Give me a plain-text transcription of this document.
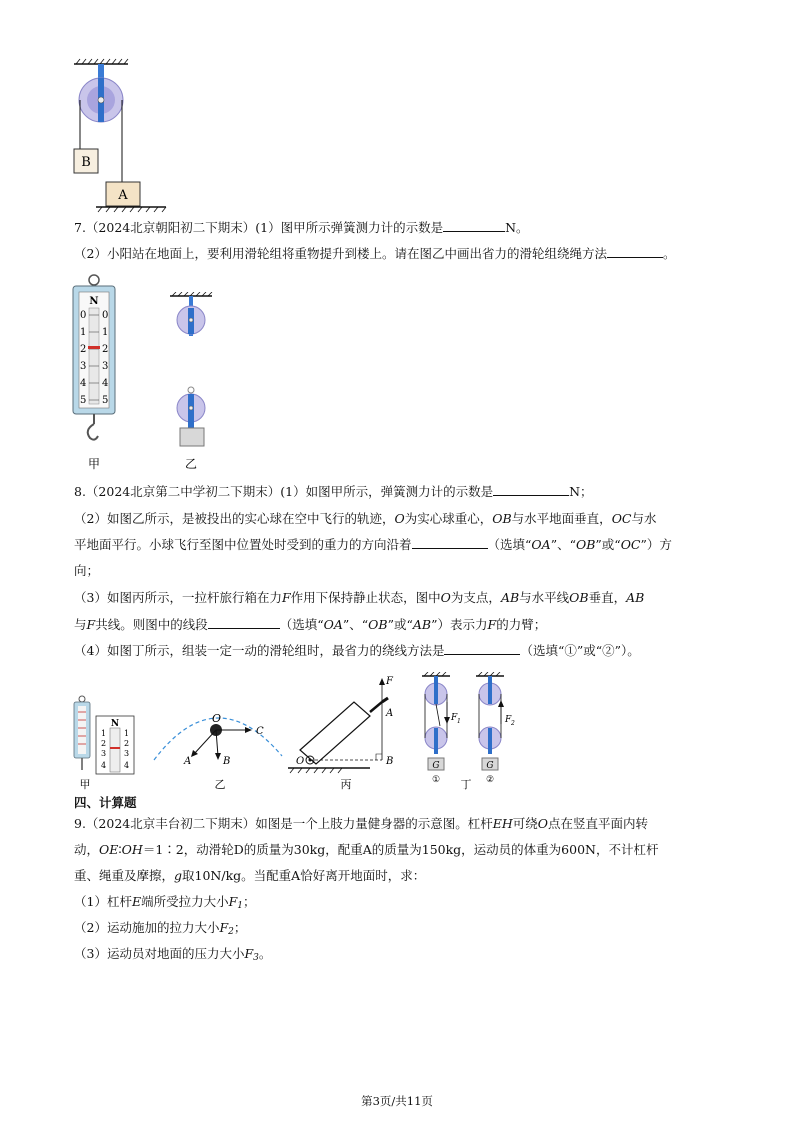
B
A
7.（2024北京朝阳初二下期末）(1）图甲所示弹簧测力计的示数是	N。
（2）小阳站在地面上，要利用滑轮组将重物提升到楼上。请在图乙中画出省力的滑轮组绕绳方法	。
N
0
1
2
3
4
5
0
1
2
3
4
5
甲	乙
8.（2024北京第二中学初二下期末）(1）如图甲所示，弹簧测力计的示数是	N；
（2）如图乙所示，是被投出的实心球在空中飞行的轨迹，O为实心球重心，OB与水平地面垂直，OC与水
平地面平行。小球飞行至图中位置处时受到的重力的方向沿着	（选填“OA”、“OB”或“OC”）方
向；
（3）如图丙所示，一拉杆旅行箱在力F作用下保持静止状态，图中O为支点，AB与水平线OB垂直，AB
与F共线。则图中的线段	（选填“OA”、“OB”或“AB”）表示力F的力臂；
（4）如图丁所示，组装一定一动的滑轮组时，最省力的绕线方法是	（选填“①”或“②”）。
N
1
2
3
4
1
2
3
4
甲
O
A	B
C
乙
F
A
B
O
丙
F 1
G
①
F 2
G
②
丁
四、计算题
9.（2024北京丰台初二下期末）如图是一个上肢力量健身器的示意图。杠杆EH可绕O点在竖直平面内转
动，OE∶OH＝1∶2，动滑轮D的质量为30kg，配重A的质量为150kg，运动员的体重为600N，不计杠杆
重、绳重及摩擦，g取10N/kg。当配重A恰好离开地面时，求：
（1）杠杆E端所受拉力大小$F_1$；
（2）运动施加的拉力大小$F_2$；
（3）运动员对地面的压力大小$F_3$。
第3页/共11页
